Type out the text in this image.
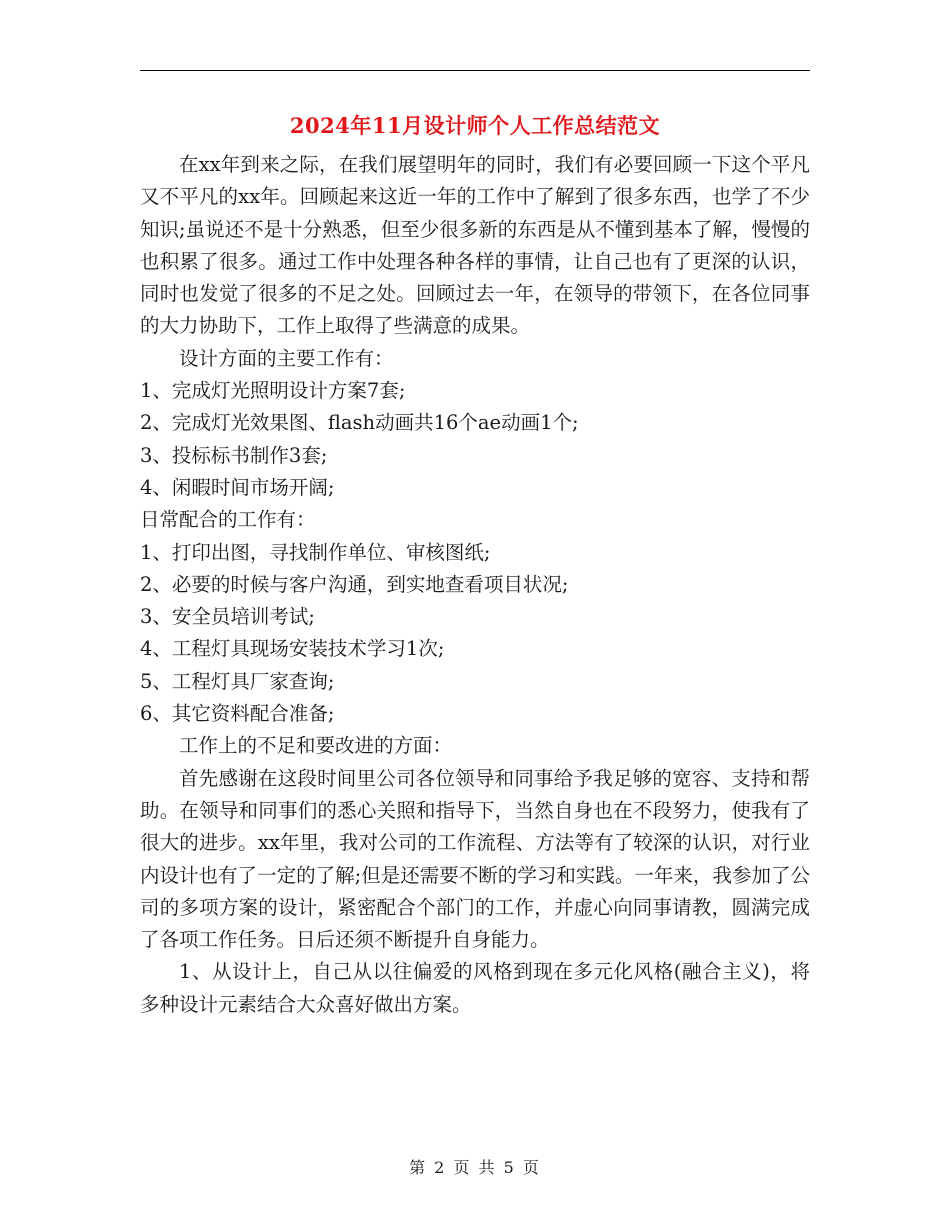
2024年11月设计师个人工作总结范文

在xx年到来之际，在我们展望明年的同时，我们有必要回顾一下这个平凡又不平凡的xx年。回顾起来这近一年的工作中了解到了很多东西，也学了不少知识;虽说还不是十分熟悉，但至少很多新的东西是从不懂到基本了解，慢慢的也积累了很多。通过工作中处理各种各样的事情，让自己也有了更深的认识，同时也发觉了很多的不足之处。回顾过去一年，在领导的带领下，在各位同事的大力协助下，工作上取得了些满意的成果。

设计方面的主要工作有：

1、完成灯光照明设计方案7套;

2、完成灯光效果图、flash动画共16个ae动画1个;

3、投标标书制作3套;

4、闲暇时间市场开阔;

日常配合的工作有：

1、打印出图，寻找制作单位、审核图纸;

2、必要的时候与客户沟通，到实地查看项目状况;

3、安全员培训考试;

4、工程灯具现场安装技术学习1次;

5、工程灯具厂家查询;

6、其它资料配合准备;

工作上的不足和要改进的方面：

首先感谢在这段时间里公司各位领导和同事给予我足够的宽容、支持和帮助。在领导和同事们的悉心关照和指导下，当然自身也在不段努力，使我有了很大的进步。xx年里，我对公司的工作流程、方法等有了较深的认识，对行业内设计也有了一定的了解;但是还需要不断的学习和实践。一年来，我参加了公司的多项方案的设计，紧密配合个部门的工作，并虚心向同事请教，圆满完成了各项工作任务。日后还须不断提升自身能力。

1、从设计上，自己从以往偏爱的风格到现在多元化风格(融合主义)，将多种设计元素结合大众喜好做出方案。

第 2 页 共 5 页
